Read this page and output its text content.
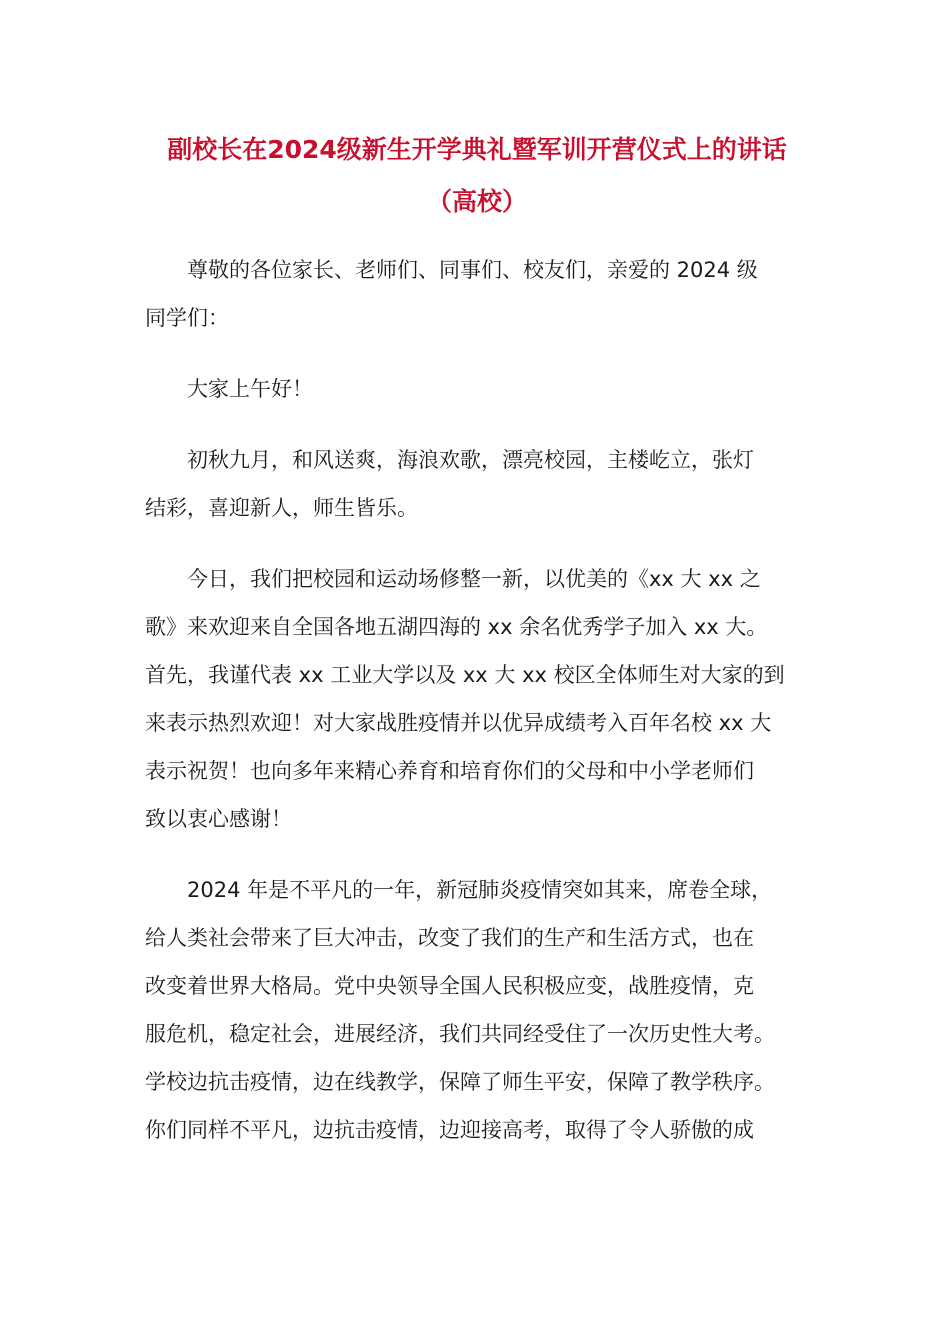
副校长在2024级新生开学典礼暨军训开营仪式上的讲话
（高校）

尊敬的各位家长、老师们、同事们、校友们，亲爱的 2024 级
同学们：

大家上午好！

初秋九月，和风送爽，海浪欢歌，漂亮校园，主楼屹立，张灯
结彩，喜迎新人，师生皆乐。

今日，我们把校园和运动场修整一新，以优美的《xx 大 xx 之
歌》来欢迎来自全国各地五湖四海的 xx 余名优秀学子加入 xx 大。
首先，我谨代表 xx 工业大学以及 xx 大 xx 校区全体师生对大家的到
来表示热烈欢迎！对大家战胜疫情并以优异成绩考入百年名校 xx 大
表示祝贺！也向多年来精心养育和培育你们的父母和中小学老师们
致以衷心感谢！

2024 年是不平凡的一年，新冠肺炎疫情突如其来，席卷全球，
给人类社会带来了巨大冲击，改变了我们的生产和生活方式，也在
改变着世界大格局。党中央领导全国人民积极应变，战胜疫情，克
服危机，稳定社会，进展经济，我们共同经受住了一次历史性大考。
学校边抗击疫情，边在线教学，保障了师生平安，保障了教学秩序。
你们同样不平凡，边抗击疫情，边迎接高考，取得了令人骄傲的成
